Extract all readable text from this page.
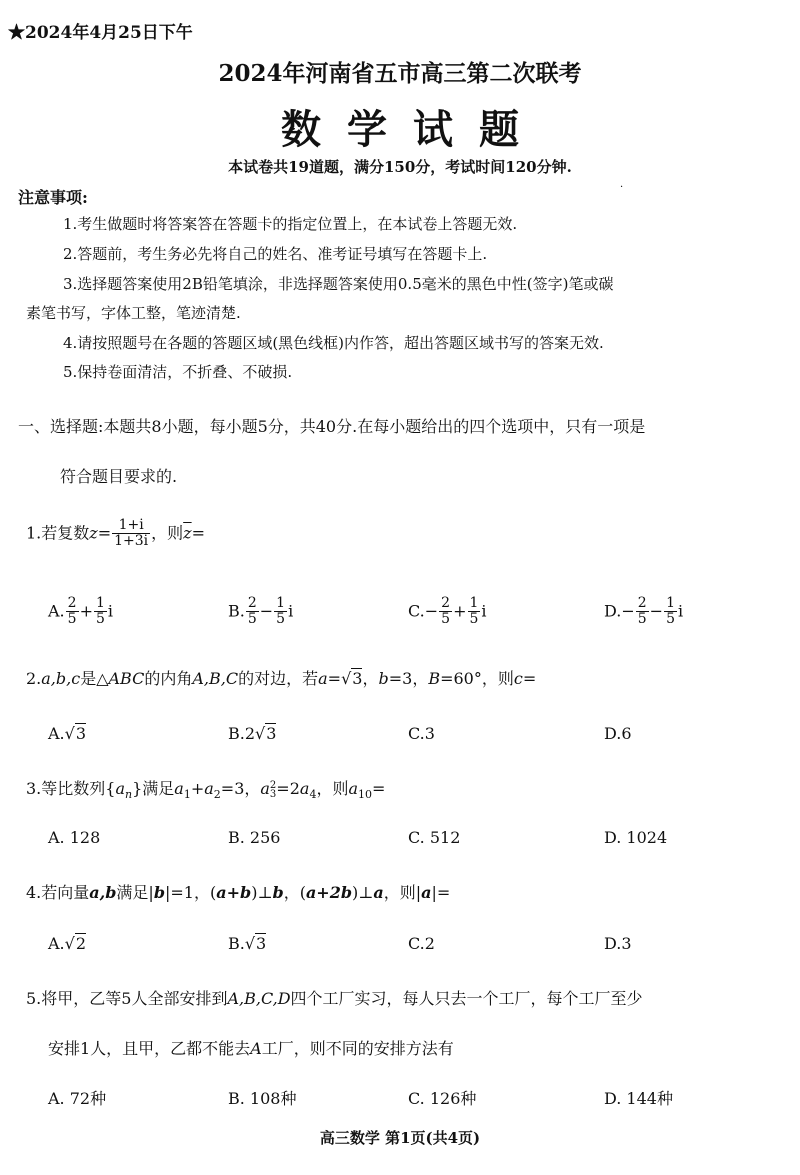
★2024年4月25日下午
2024年河南省五市高三第二次联考
数学试题
本试卷共19道题，满分150分，考试时间120分钟.
·
注意事项:
1.考生做题时将答案答在答题卡的指定位置上，在本试卷上答题无效.
2.答题前，考生务必先将自己的姓名、准考证号填写在答题卡上.
3.选择题答案使用2B铅笔填涂，非选择题答案使用0.5毫米的黑色中性(签字)笔或碳
素笔书写，字体工整，笔迹清楚.
4.请按照题号在各题的答题区域(黑色线框)内作答，超出答题区域书写的答案无效.
5.保持卷面清洁，不折叠、不破损.
一、选择题:本题共8小题，每小题5分，共40分.在每小题给出的四个选项中，只有一项是
符合题目要求的.
1.若复数$z= \frac{1+i}{1+3i}$ ，则$\overline{z}=$
A. $\frac{2}{5} + \frac{1}{5}$ i	B. $\frac{2}{5} - \frac{1}{5}$ i	$C.- \frac{2}{5} + \frac{1}{5}$ i	$D.- \frac{2}{5} - \frac{1}{5}$ i
2.a,b,c是△ABC的内角A,B,C的对边，若a=√3，b=3，B=60°，则c=
A.√3	B.2√3	C.3	D.6
3.等比数列$\{a_n\}$满足$a_1+a_2=3$，a 2
$3 =2a_4$，则$a_{10}=$
A. 128	B. 256	C. 512	D. 1024
4.若向量a,b满足|b|=1，(a+b)⊥b，(a+2b)⊥a，则|a|=
A.√2	B.√3	C.2	D.3
5.将甲，乙等5人全部安排到A,B,C,D四个工厂实习，每人只去一个工厂，每个工厂至少
安排1人，且甲，乙都不能去A工厂，则不同的安排方法有
A. 72种	B. 108种	C. 126种	D. 144种
高三数学 第1页(共4页)
